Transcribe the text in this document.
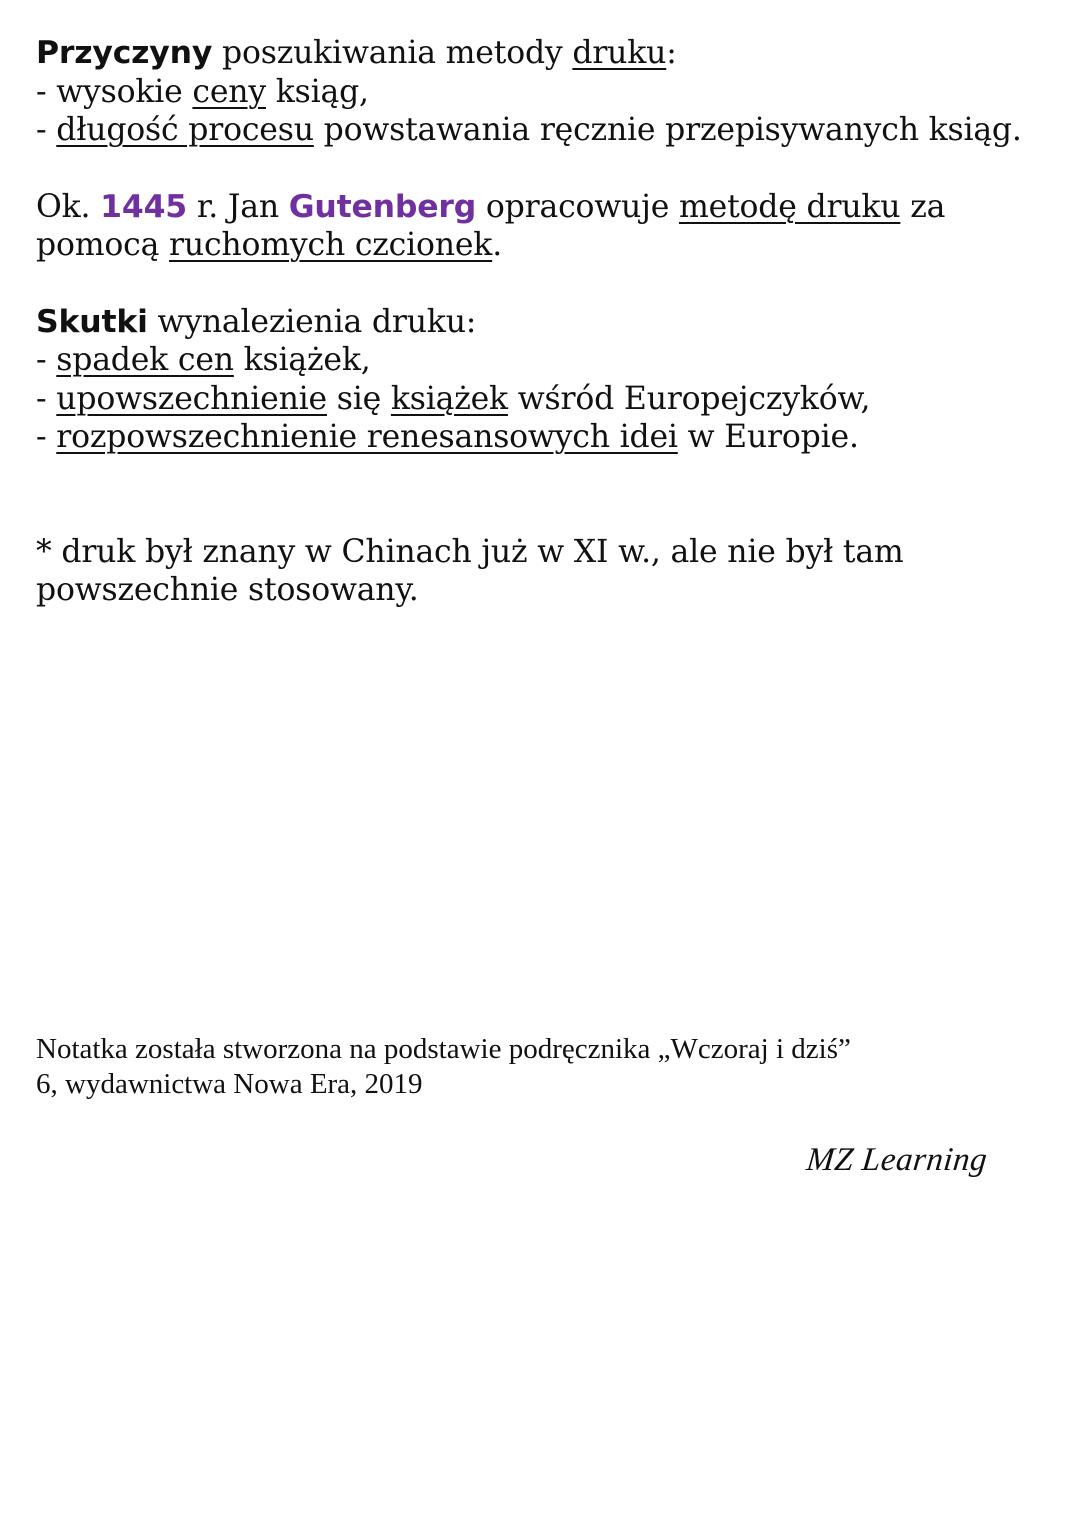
Przyczyny poszukiwania metody druku:
- wysokie ceny ksiąg,
- długość procesu powstawania ręcznie przepisywanych ksiąg.
Ok. 1445 r. Jan Gutenberg opracowuje metodę druku za
pomocą ruchomych czcionek.
Skutki wynalezienia druku:
- spadek cen książek,
- upowszechnienie się książek wśród Europejczyków,
- rozpowszechnienie renesansowych idei w Europie.
* druk był znany w Chinach już w XI w., ale nie był tam
powszechnie stosowany.
Notatka została stworzona na podstawie podręcznika „Wczoraj i dziś”
6, wydawnictwa Nowa Era, 2019
MZ Learning
